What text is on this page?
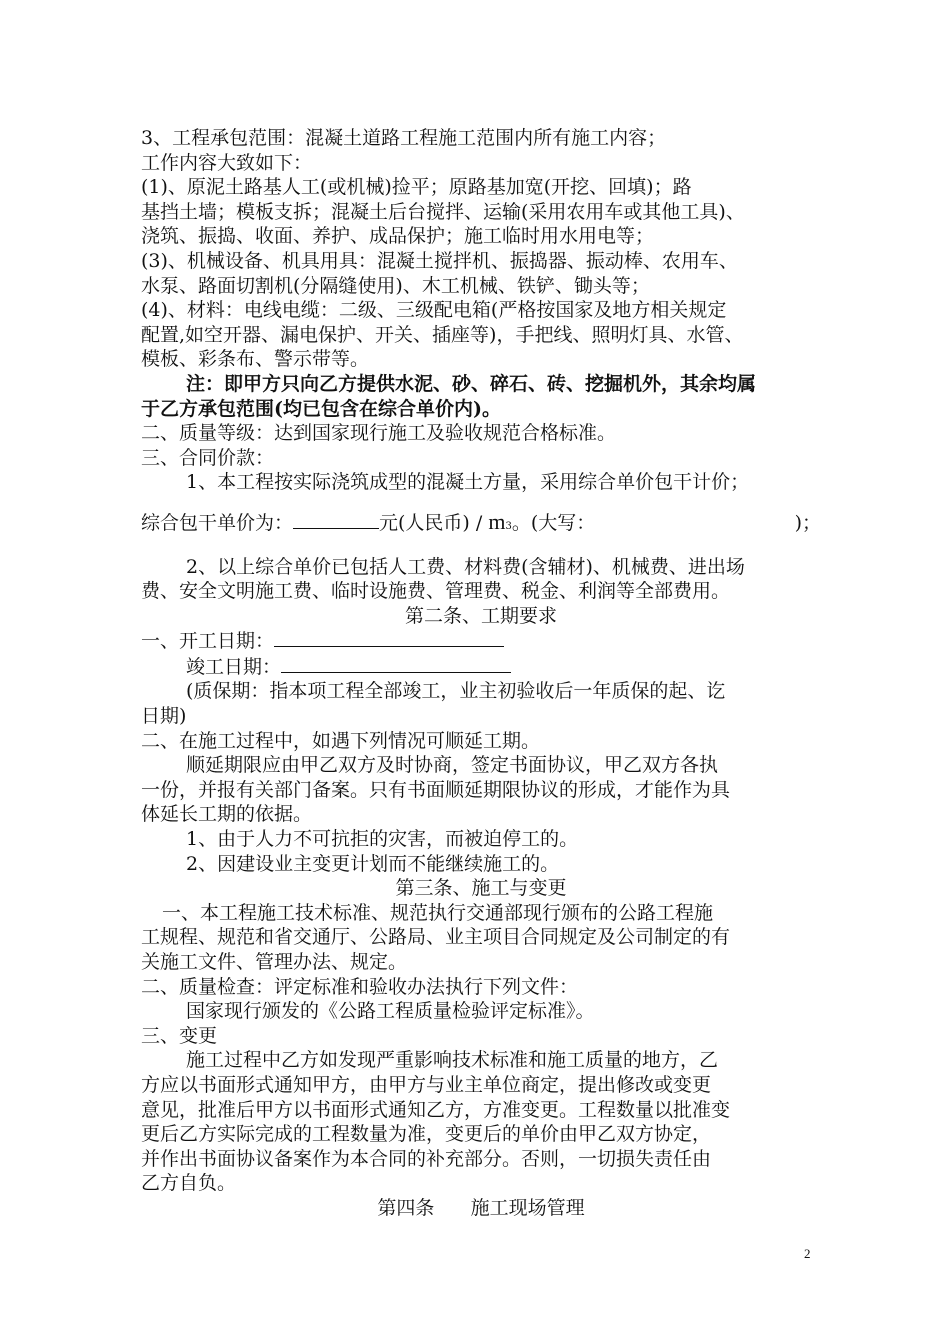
3、工程承包范围：混凝土道路工程施工范围内所有施工内容；

工作内容大致如下：

(1)、原泥土路基人工(或机械)捡平；原路基加宽(开挖、回填)；路

基挡土墙；模板支拆；混凝土后台搅拌、运输(采用农用车或其他工具)、

浇筑、振捣、收面、养护、成品保护；施工临时用水用电等；

(3)、机械设备、机具用具：混凝土搅拌机、振捣器、振动棒、农用车、

水泵、路面切割机(分隔缝使用)、木工机械、铁铲、锄头等；

(4)、材料：电线电缆：二级、三级配电箱(严格按国家及地方相关规定

配置,如空开器、漏电保护、开关、插座等)，手把线、照明灯具、水管、

模板、彩条布、警示带等。

注：即甲方只向乙方提供水泥、砂、碎石、砖、挖掘机外，其余均属

于乙方承包范围(均已包含在综合单价内)。

二、质量等级：达到国家现行施工及验收规范合格标准。

三、合同价款：

1、本工程按实际浇筑成型的混凝土方量，采用综合单价包干计价；

综合包干单价为：	元(人民币) / m 3 。(大写：	)；

2、以上综合单价已包括人工费、材料费(含辅材)、机械费、进出场

费、安全文明施工费、临时设施费、管理费、税金、利润等全部费用。

第二条、工期要求

一、开工日期：

竣工日期：

(质保期：指本项工程全部竣工，业主初验收后一年质保的起、讫

日期)

二、在施工过程中，如遇下列情况可顺延工期。

顺延期限应由甲乙双方及时协商，签定书面协议，甲乙双方各执

一份，并报有关部门备案。只有书面顺延期限协议的形成，才能作为具

体延长工期的依据。

1、由于人力不可抗拒的灾害，而被迫停工的。

2、因建设业主变更计划而不能继续施工的。

第三条、施工与变更

一、本工程施工技术标准、规范执行交通部现行颁布的公路工程施

工规程、规范和省交通厅、公路局、业主项目合同规定及公司制定的有

关施工文件、管理办法、规定。

二、质量检查：评定标准和验收办法执行下列文件：

国家现行颁发的《公路工程质量检验评定标准》。

三、变更

施工过程中乙方如发现严重影响技术标准和施工质量的地方，乙

方应以书面形式通知甲方，由甲方与业主单位商定，提出修改或变更

意见，批准后甲方以书面形式通知乙方，方准变更。工程数量以批准变

更后乙方实际完成的工程数量为准，变更后的单价由甲乙双方协定，

并作出书面协议备案作为本合同的补充部分。否则，一切损失责任由

乙方自负。

第四条      施工现场管理

2
